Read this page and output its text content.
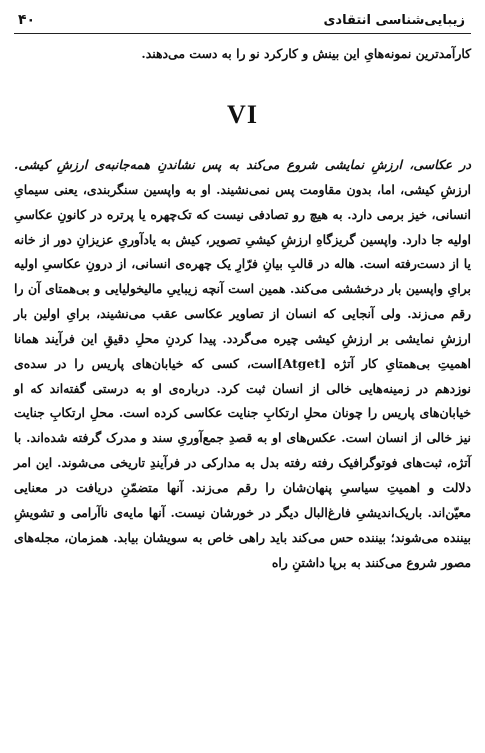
زیبایی‌شناسی انتقادی
۴۰

کارآمدترین نمونه‌هایِ این بینش و کارکرد نو را به دست می‌دهند.

VI

در عکاسی، ارزشِ نمایشی شروع می‌کند به پس نشاندنِ همه‌جانبه‌ی ارزشِ کیشی. ارزشِ کیشی، اما، بدون مقاومت پس نمی‌نشیند. او به واپسین سنگربندی، یعنی سیمایِ انسانی، خیز برمی دارد. به هیچ رو تصادفی نیست که تک‌چهره یا پرتره در کانونِ عکاسیِ اولیه جا دارد. واپسین گریزگاهِ ارزشِ کیشیِ تصویر، کیش به یادآوریِ عزیزانِ دور از خانه یا از دست‌رفته است. هاله در قالبِ بیانِ فرّارِ یک چهره‌ی انسانی، از درونِ عکاسیِ اولیه برایِ واپسین بار درخششی می‌کند. همین است آنچه زیباییِ مالیخولیایی و بی‌همتای آن را رقم می‌زند. ولی آنجایی که انسان از تصاویر عکاسی عقب می‌نشیند، برایِ اولین بار ارزشِ نمایشی بر ارزشِ کیشی چیره می‌گردد. پیدا کردنِ محلِ دقیقِ این فرآیند همانا اهمیتِ بی‌همتایِ کار آتژه [Atget]است، کسی که خیابان‌های پاریس را در سده‌ی نوزدهم در زمینه‌هایی خالی از انسان ثبت کرد. درباره‌ی او به درستی گفته‌اند که او خیابان‌های پاریس را چونان محلِ ارتکابِ جنایت عکاسی کرده است. محلِ ارتکابِ جنایت نیز خالی از انسان است. عکس‌های او به قصدِ جمع‌آوریِ سند و مدرک گرفته شده‌اند. با آتژه، ثبت‌های فوتوگرافیک رفته رفته بدل به مدارکی در فرآیندِ تاریخی می‌شوند. این امر دلالت و اهمیتِ سیاسیِ پنهان‌شان را رقم می‌زند. آنها متضمّنِ دریافت در معنایی معیّن‌اند. باریک‌اندیشیِ فارغ‌البال دیگر در خورشان نیست. آنها مایه‌ی ناآرامی و تشویشِ بیننده می‌شوند؛ بیننده حس می‌کند باید راهی خاص به سویشان بیابد. همزمان، مجله‌های مصور شروع می‌کنند به برپا داشتنِ راه‌
